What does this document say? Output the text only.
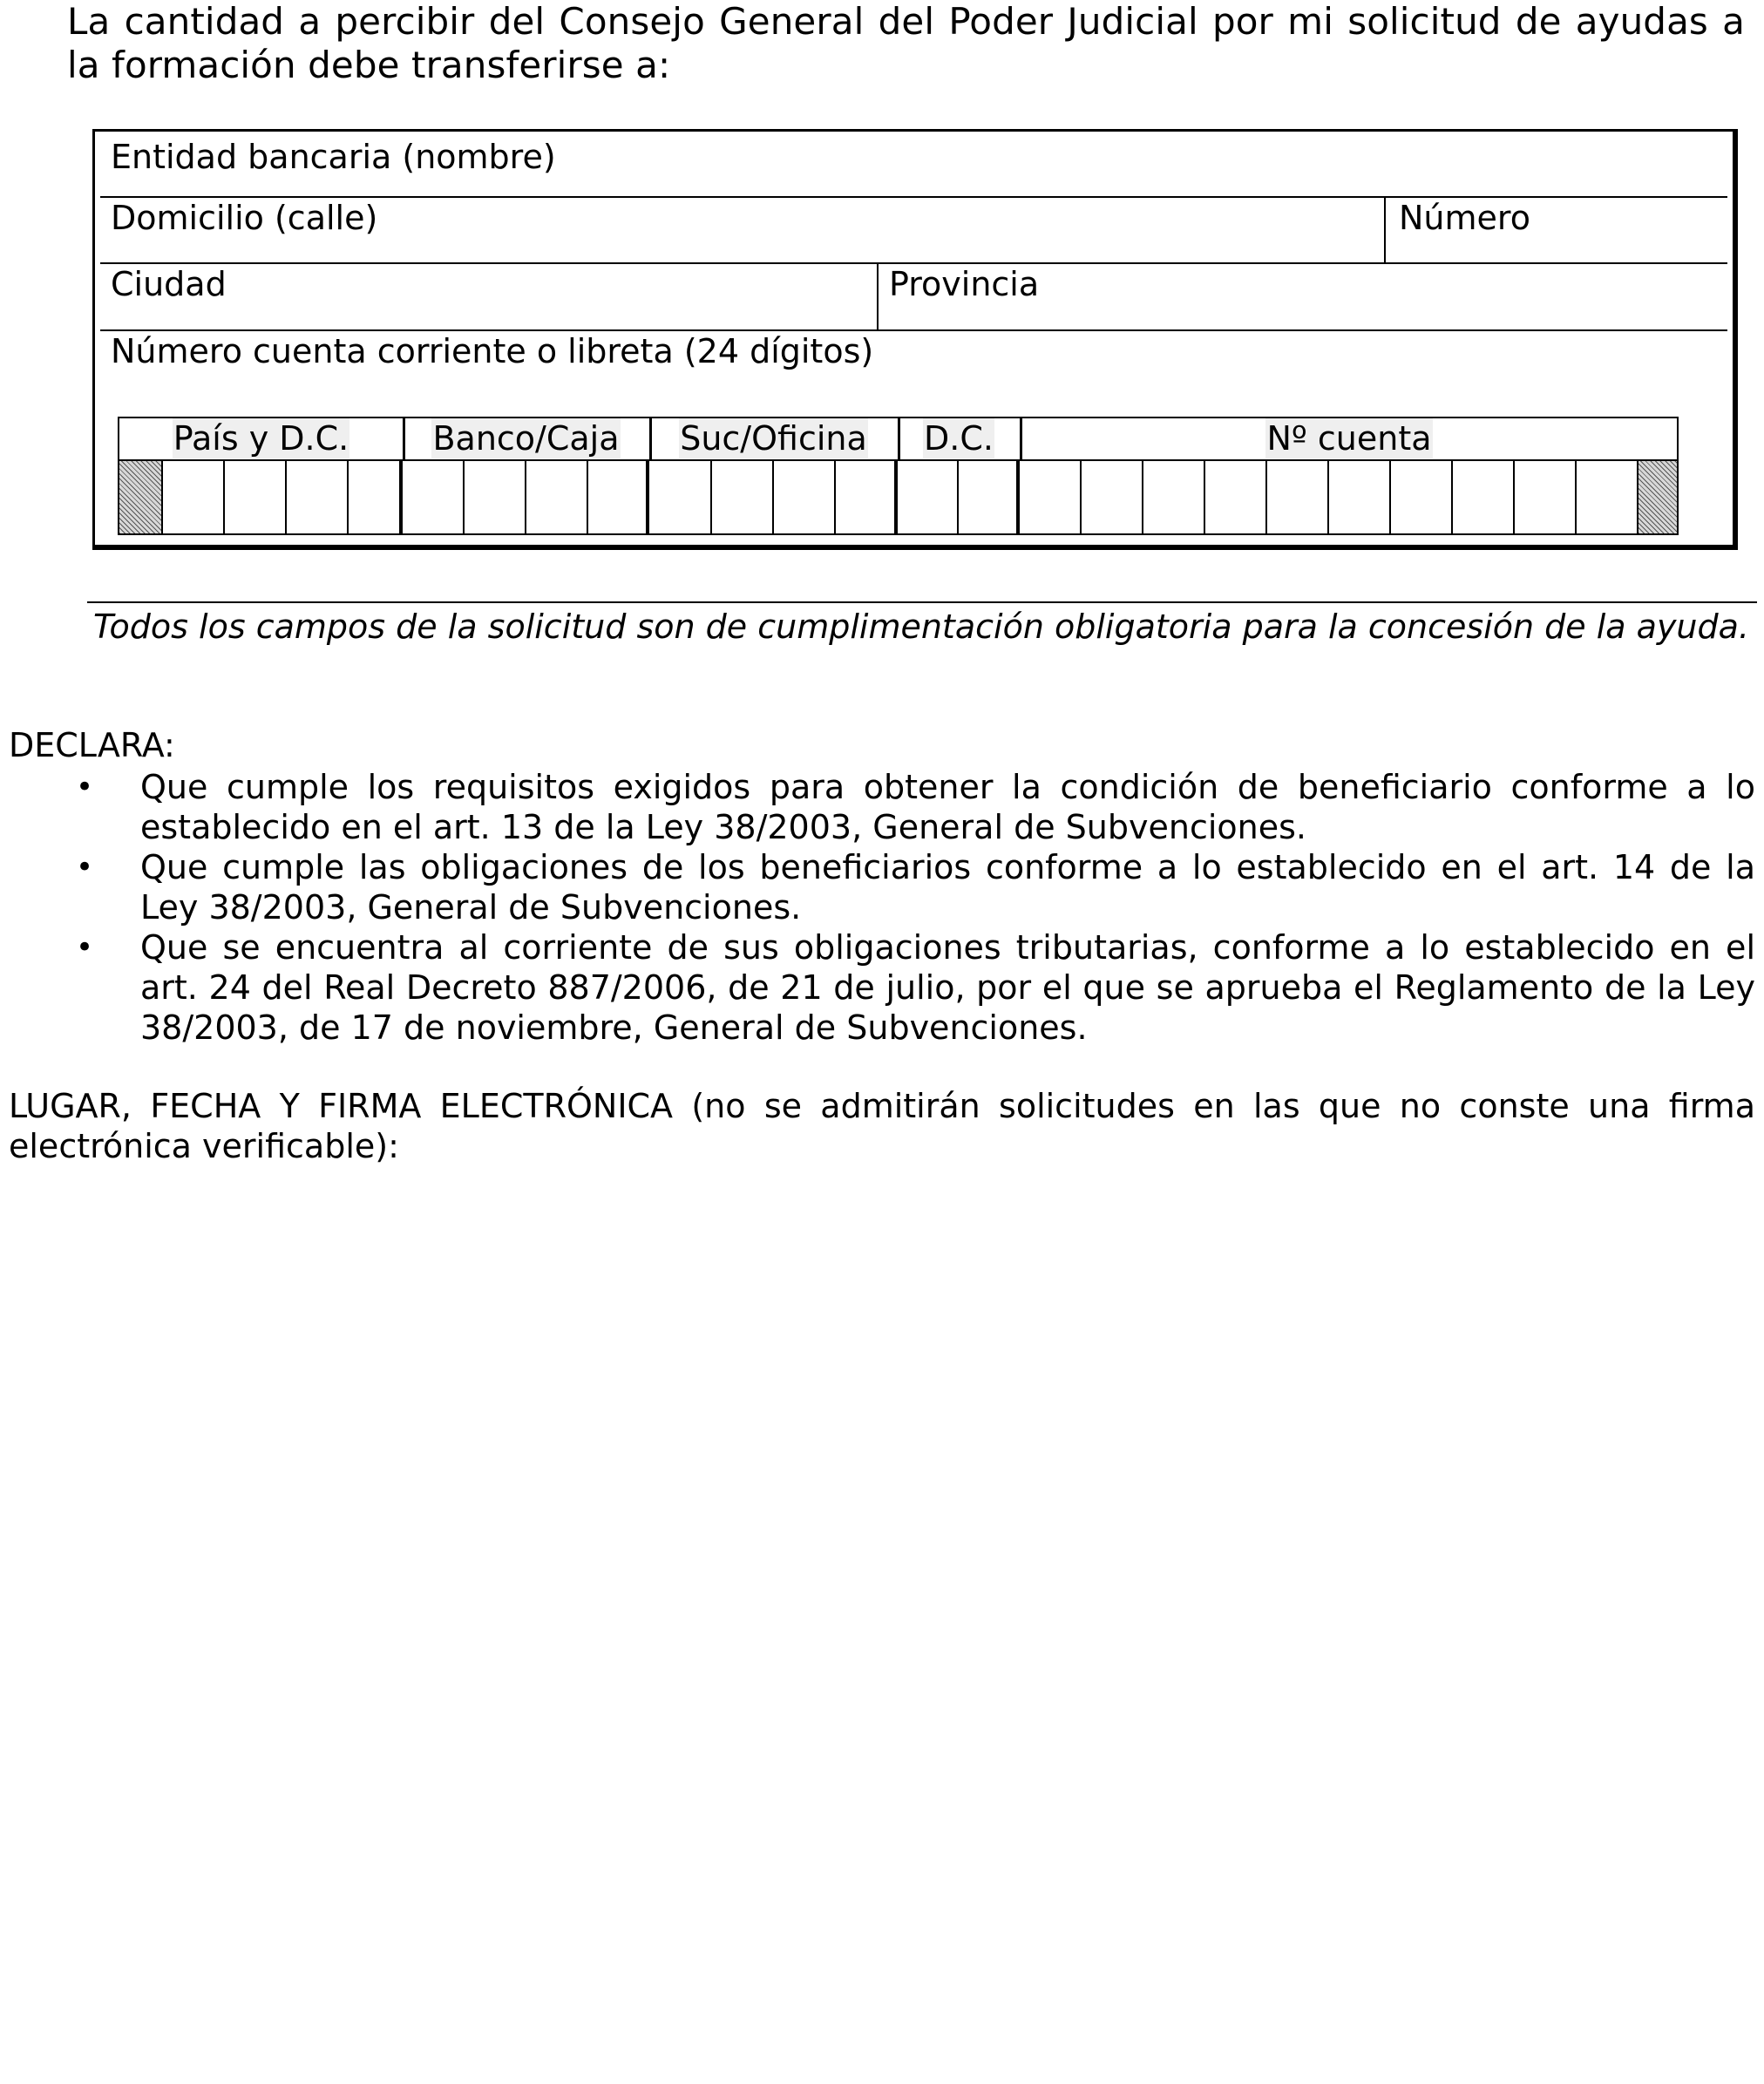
La cantidad a percibir del Consejo General del Poder Judicial por mi solicitud de ayudas a la formación debe transferirse a:

Entidad bancaria (nombre)
Domicilio (calle)	Número
Ciudad	Provincia
Número cuenta corriente o libreta (24 dígitos)
País y D.C.	Banco/Caja	Suc/Oficina	D.C.	Nº cuenta
Todos los campos de la solicitud son de cumplimentación obligatoria para la concesión de la ayuda.
DECLARA:
• Que cumple los requisitos exigidos para obtener la condición de beneficiario conforme a lo establecido en el art. 13 de la Ley 38/2003, General de Subvenciones.
• Que cumple las obligaciones de los beneficiarios conforme a lo establecido en el art. 14 de la Ley 38/2003, General de Subvenciones.
• Que se encuentra al corriente de sus obligaciones tributarias, conforme a lo establecido en el art. 24 del Real Decreto 887/2006, de 21 de julio, por el que se aprueba el Reglamento de la Ley 38/2003, de 17 de noviembre, General de Subvenciones.
LUGAR, FECHA Y FIRMA ELECTRÓNICA (no se admitirán solicitudes en las que no conste una firma electrónica verificable):
